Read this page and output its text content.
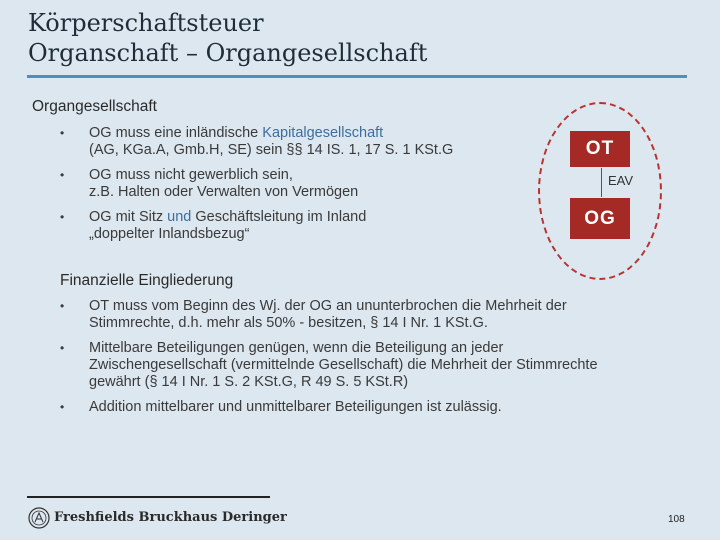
Körperschaftsteuer
Organschaft – Organgesellschaft
Organgesellschaft
•	OG muss eine inländische Kapitalgesellschaft
(AG, KGa.A, Gmb.H, SE) sein §§ 14 IS. 1, 17 S. 1 KSt.G
•	OG muss nicht gewerblich sein,
z.B. Halten oder Verwalten von Vermögen
•	OG mit Sitz und Geschäftsleitung im Inland
„doppelter Inlandsbezug“
OT
EAV
OG
Finanzielle Eingliederung
•	OT muss vom Beginn des Wj. der OG an ununterbrochen die Mehrheit der
Stimmrechte, d.h. mehr als 50% - besitzen, § 14 I Nr. 1 KSt.G.
•	Mittelbare Beteiligungen genügen, wenn die Beteiligung an jeder
Zwischengesellschaft (vermittelnde Gesellschaft) die Mehrheit der Stimmrechte
gewährt (§ 14 I Nr. 1 S. 2 KSt.G, R 49 S. 5 KSt.R)
•	Addition mittelbarer und unmittelbarer Beteiligungen ist zulässig.
Freshfields Bruckhaus Deringer	108
